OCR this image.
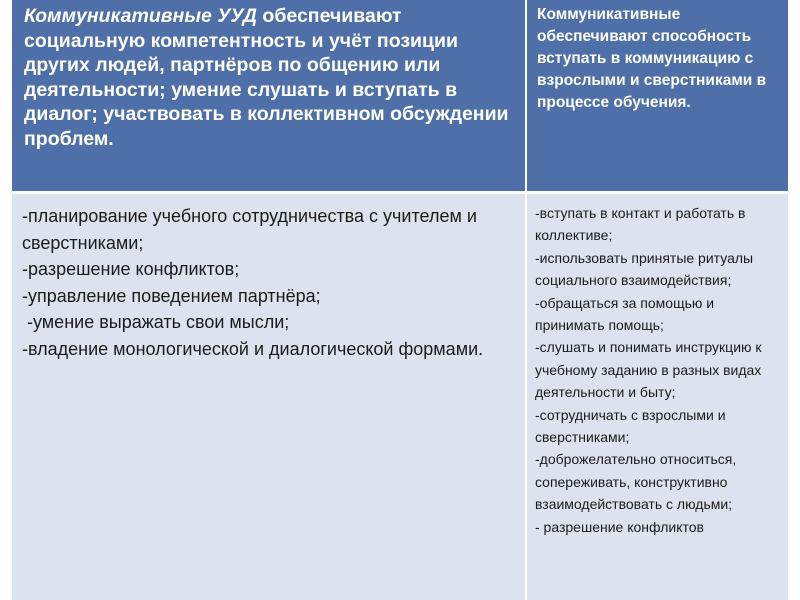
Коммуникативные УУД обеспечивают социальную компетентность и учёт позиции других людей, партнёров по общению или деятельности; умение слушать и вступать в диалог; участвовать в коллективном обсуждении проблем.
Коммуникативные обеспечивают способность вступать в коммуникацию с взрослыми и сверстниками в процессе обучения.
-планирование учебного сотрудничества с учителем и сверстниками;
-разрешение конфликтов;
-управление поведением партнёра;
-умение выражать свои мысли;
-владение монологической и диалогической формами.
-вступать в контакт и работать в коллективе;
-использовать принятые ритуалы социального взаимодействия;
-обращаться за помощью и принимать помощь;
-слушать и понимать инструкцию к учебному заданию в разных видах деятельности и быту;
-сотрудничать с взрослыми и сверстниками;
-доброжелательно относиться, сопереживать, конструктивно взаимодействовать с людьми;
- разрешение конфликтов
